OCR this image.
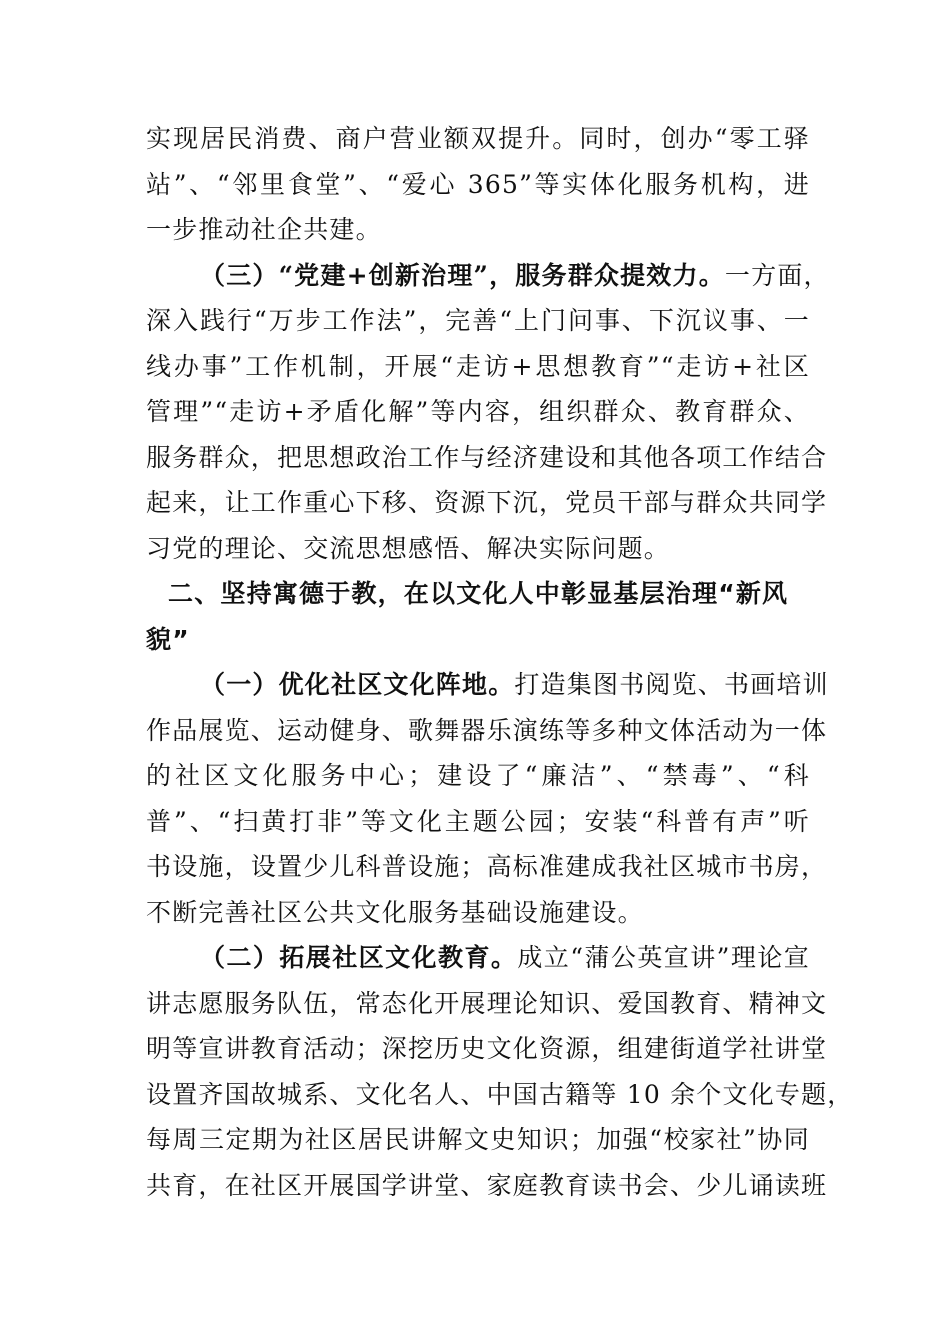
实现居民消费、商户营业额双提升。同时，创办“零工驿
站”、“邻里食堂”、“爱心 365”等实体化服务机构，进
一步推动社企共建。
（三）“党建+创新治理”，服务群众提效力。一方面，
深入践行“万步工作法”，完善“上门问事、下沉议事、一
线办事”工作机制，开展“走访+思想教育”“走访+社区
管理”“走访+矛盾化解”等内容，组织群众、教育群众、
服务群众，把思想政治工作与经济建设和其他各项工作结合
起来，让工作重心下移、资源下沉，党员干部与群众共同学
习党的理论、交流思想感悟、解决实际问题。
二、坚持寓德于教，在以文化人中彰显基层治理“新风
貌”
（一）优化社区文化阵地。打造集图书阅览、书画培训
作品展览、运动健身、歌舞器乐演练等多种文体活动为一体
的社区文化服务中心；建设了“廉洁”、“禁毒”、“科
普”、“扫黄打非”等文化主题公园；安装“科普有声”听
书设施，设置少儿科普设施；高标准建成我社区城市书房，
不断完善社区公共文化服务基础设施建设。
（二）拓展社区文化教育。成立“蒲公英宣讲”理论宣
讲志愿服务队伍，常态化开展理论知识、爱国教育、精神文
明等宣讲教育活动；深挖历史文化资源，组建街道学社讲堂
设置齐国故城系、文化名人、中国古籍等 10 余个文化专题，
每周三定期为社区居民讲解文史知识；加强“校家社”协同
共育，在社区开展国学讲堂、家庭教育读书会、少儿诵读班
